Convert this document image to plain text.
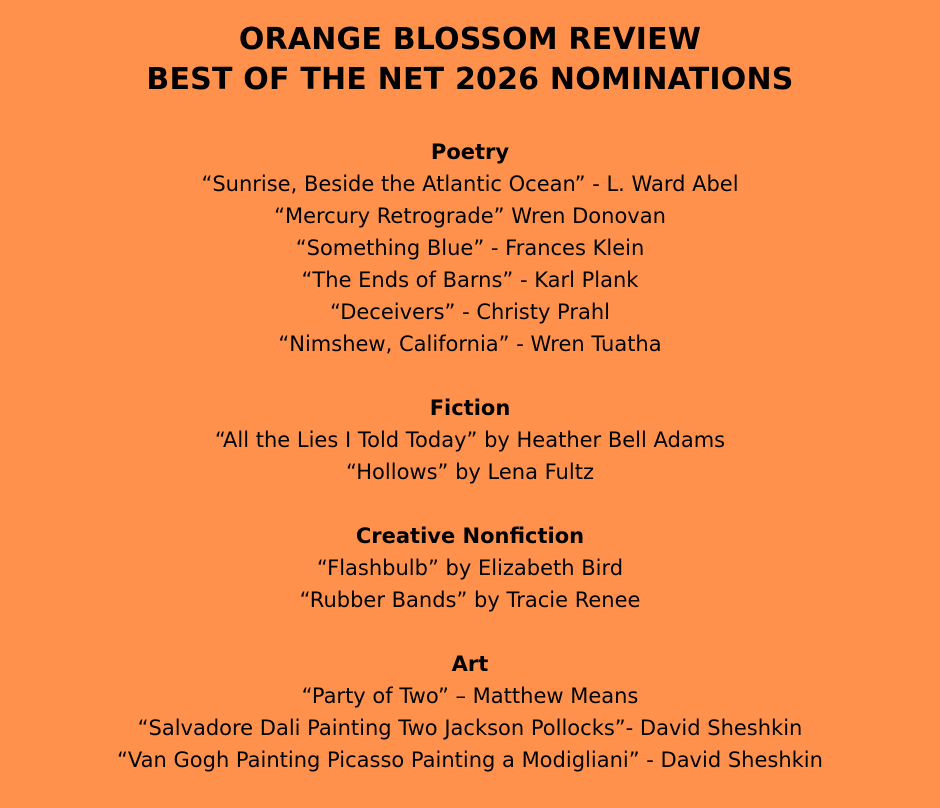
ORANGE BLOSSOM REVIEW
BEST OF THE NET 2026 NOMINATIONS
Poetry
“Sunrise, Beside the Atlantic Ocean” - L. Ward Abel
“Mercury Retrograde” Wren Donovan
“Something Blue” - Frances Klein
“The Ends of Barns” - Karl Plank
“Deceivers” - Christy Prahl
“Nimshew, California” - Wren Tuatha
Fiction
“All the Lies I Told Today” by Heather Bell Adams
“Hollows” by Lena Fultz
Creative Nonfiction
“Flashbulb” by Elizabeth Bird
“Rubber Bands” by Tracie Renee
Art
“Party of Two” – Matthew Means
“Salvadore Dali Painting Two Jackson Pollocks”- David Sheshkin
“Van Gogh Painting Picasso Painting a Modigliani” - David Sheshkin
